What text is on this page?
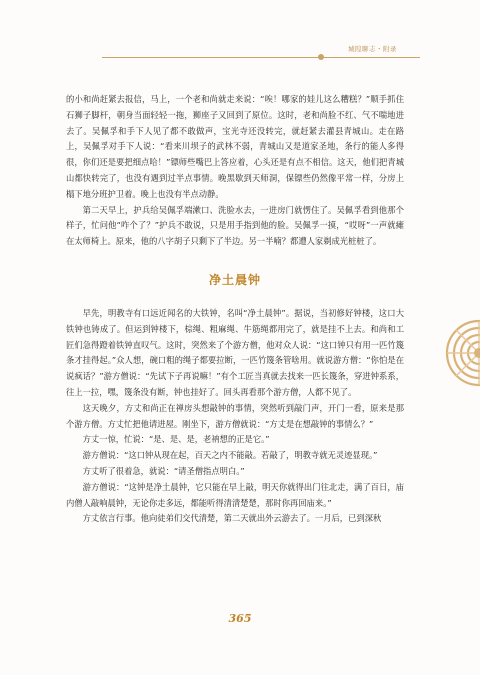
城隍聊志・附录

的小和尚赶紧去报信，马上，一个老和尚就走来说：“唉！哪家的娃儿这么糟糕？”顺手抓住石狮子脚杆，朝身当面轻轻一拖，狮座子又回到了原位。这时，老和尚脸不红、气不喘地进去了。吴佩孚和手下人见了都不敢做声，宝光寺还没转完，就赶紧去灌县青城山。走在路上，吴佩孚对手下人说：“看来川坝子的武林不弱，青城山又是道家圣地，条行的能人多得很，你们还是要把细点哈！”镖师些嘴巴上答应着，心头还是有点不相信。这天，他们把青城山都快转完了，也没有遇到过半点事情。晚黑歇到天师洞，保镖些仍然像平常一样，分房上榻下地分班护卫着。晚上也没有半点动静。

第二天早上，护兵给吴佩孚端漱口、洗脸水去，一进房门就愣住了。吴佩孚看到他那个样子，忙问他“咋个了？”护兵不敢说，只是用手指到他的脸。吴佩孚一摸，“哎呀”一声就瘫在太师椅上。原来，他的八字胡子只剩下了半边。另一半喃？都遭人家剃成光桩桩了。

净土晨钟

早先，明教寺有口远近闻名的大铁钟，名叫“净土晨钟”。据说，当初修好钟楼，这口大铁钟也铸成了。但运到钟楼下，棕绳、粗麻绳、牛筋绳都用完了，就是挂不上去。和尚和工匠们急得蹬着铁钟直叹气。这时，突然来了个游方僧，他对众人说：“这口钟只有用一匹竹篾条才挂得起。”众人想，碗口粗的绳子都要拉断，一匹竹篾条管啥用。就说游方僧：“你怕是在说疯话？”游方僧说：“先试下子再说嘛！”有个工匠当真就去找来一匹长篾条，穿进钟系系，往上一拉，嘿，篾条没有断，钟也挂好了。回头再看那个游方僧，人都不见了。

这天晚夕，方丈和尚正在禅房头想敲钟的事情，突然听到敲门声，开门一看，原来是那个游方僧。方丈忙把他请进屋。刚坐下，游方僧就说：“方丈是在想敲钟的事情么？”

方丈一惊，忙说：“是、是、是，老衲想的正是它。”

游方僧说：“这口钟从现在起，百天之内不能敲。若敲了，明教寺就无灵迹显现。”

方丈听了很着急，就说：“请圣僧指点明白。”

游方僧说：“这钟是净土晨钟，它只能在早上敲，明天你就得出门往北走，满了百日，庙内僧人敲响晨钟，无论你走多远，都能听得清清楚楚，那时你再回庙来。”

方丈依言行事。他向徒弟们交代清楚，第二天就出外云游去了。一月后，已到深秋

365
